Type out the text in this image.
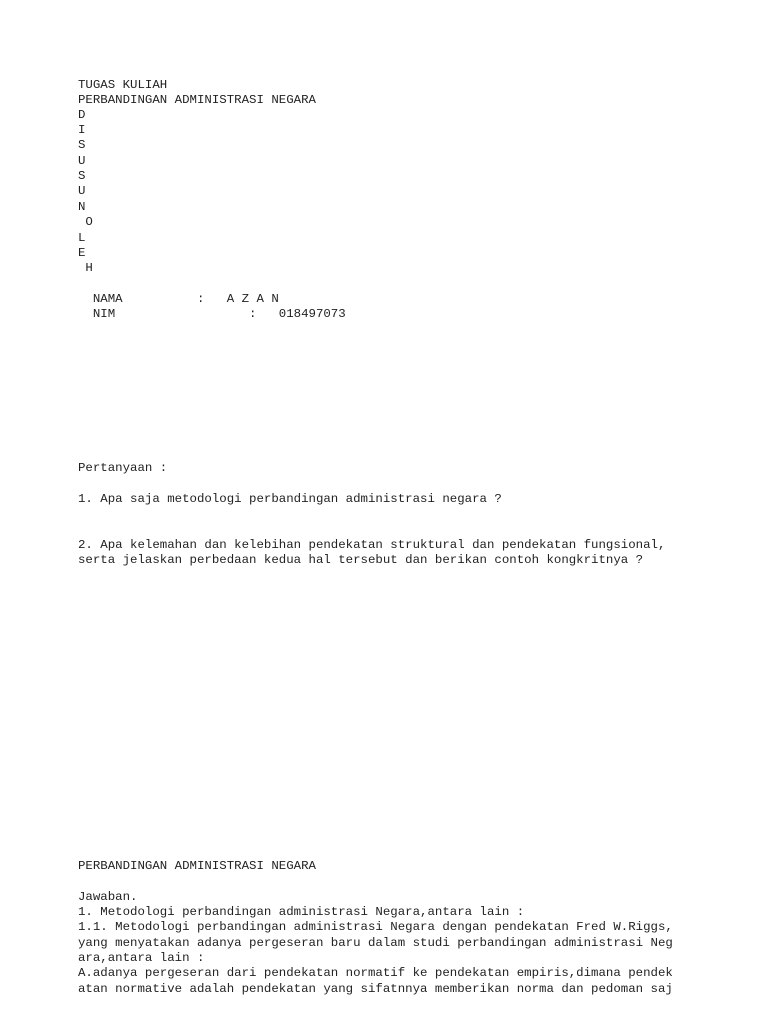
TUGAS KULIAH
PERBANDINGAN ADMINISTRASI NEGARA
D
I
S
U
S
U
N
O
L
E
H
NAMA          :   A Z A N
NIM                  :   018497073
Pertanyaan :
1. Apa saja metodologi perbandingan administrasi negara ?
2. Apa kelemahan dan kelebihan pendekatan struktural dan pendekatan fungsional,
serta jelaskan perbedaan kedua hal tersebut dan berikan contoh kongkritnya ?
PERBANDINGAN ADMINISTRASI NEGARA
Jawaban.
1. Metodologi perbandingan administrasi Negara,antara lain :
1.1. Metodologi perbandingan administrasi Negara dengan pendekatan Fred W.Riggs,
yang menyatakan adanya pergeseran baru dalam studi perbandingan administrasi Neg
ara,antara lain :
A.adanya pergeseran dari pendekatan normatif ke pendekatan empiris,dimana pendek
atan normative adalah pendekatan yang sifatnnya memberikan norma dan pedoman saj
